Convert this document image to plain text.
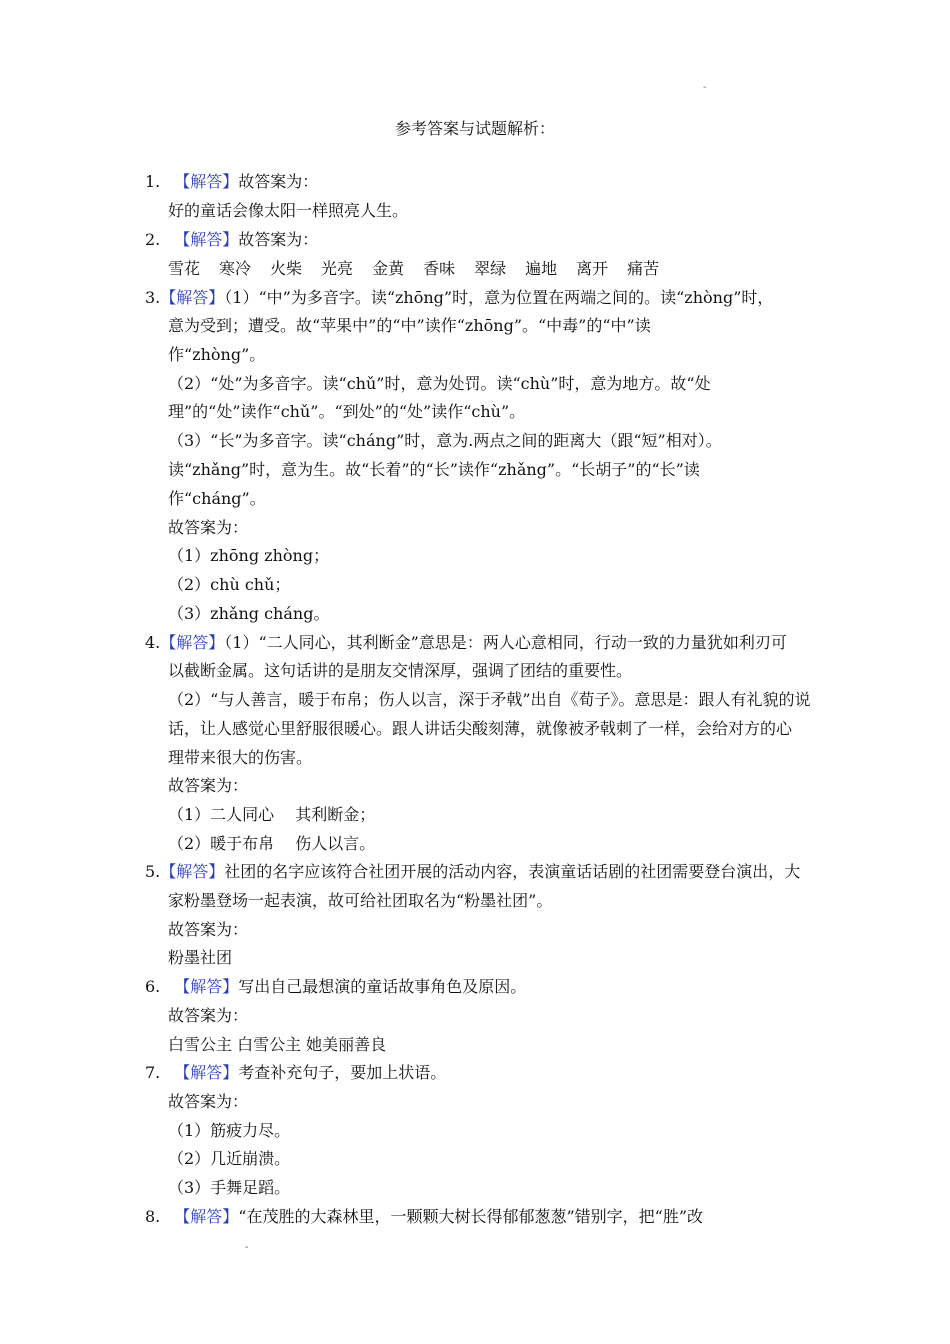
-
参考答案与试题解析：
1. 【解答】故答案为：
好的童话会像太阳一样照亮人生。
2. 【解答】故答案为：
雪花 寒冷 火柴 光亮 金黄 香味 翠绿 遍地 离开 痛苦
3.【解答】（1）“中”为多音字。读“zhōng”时，意为位置在两端之间的。读“zhòng”时，
意为受到；遭受。故“苹果中”的“中”读作“zhōng”。“中毒”的“中”读
作“zhòng”。
（2）“处”为多音字。读“chǔ”时，意为处罚。读“chù”时，意为地方。故“处
理”的“处”读作“chǔ”。“到处”的“处”读作“chù”。
（3）“长”为多音字。读“cháng”时，意为.两点之间的距离大（跟“短”相对）。
读“zhǎng”时，意为生。故“长着”的“长”读作“zhǎng”。“长胡子”的“长”读
作“cháng”。
故答案为：
（1）zhōng zhòng；
（2）chù chǔ；
（3）zhǎng cháng。
4.【解答】（1）“二人同心，其利断金”意思是：两人心意相同，行动一致的力量犹如利刃可
以截断金属。这句话讲的是朋友交情深厚，强调了团结的重要性。
（2）“与人善言，暖于布帛；伤人以言，深于矛戟”出自《荀子》。意思是：跟人有礼貌的说
话，让人感觉心里舒服很暖心。跟人讲话尖酸刻薄，就像被矛戟刺了一样，会给对方的心
理带来很大的伤害。
故答案为：
（1）二人同心　 其利断金；
（2）暖于布帛　 伤人以言。
5.【解答】社团的名字应该符合社团开展的活动内容，表演童话话剧的社团需要登台演出，大
家粉墨登场一起表演，故可给社团取名为“粉墨社团”。
故答案为：
粉墨社团
6. 【解答】写出自己最想演的童话故事角色及原因。
故答案为：
白雪公主 白雪公主 她美丽善良
7. 【解答】考查补充句子，要加上状语。
故答案为：
（1）筋疲力尽。
（2）几近崩溃。
（3）手舞足蹈。
8. 【解答】“在茂胜的大森林里，一颗颗大树长得郁郁葱葱”错别字，把“胜”改
-
